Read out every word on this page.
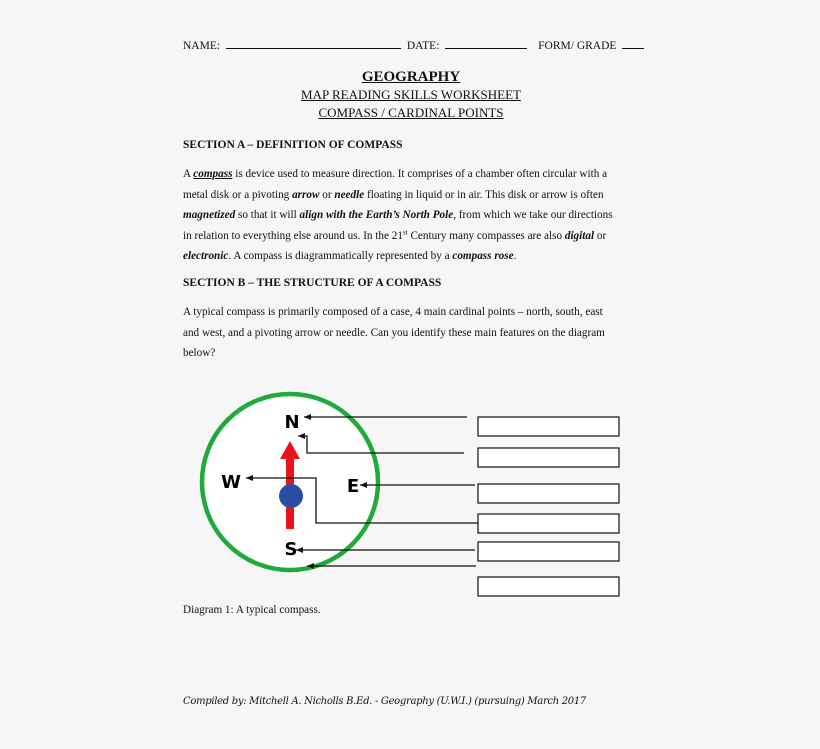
NAME:	DATE:	FORM/ GRADE
GEOGRAPHY
MAP READING SKILLS WORKSHEET
COMPASS / CARDINAL POINTS
SECTION A – DEFINITION OF COMPASS
A compass is device used to measure direction. It comprises of a chamber often circular with a
metal disk or a pivoting arrow or needle floating in liquid or in air. This disk or arrow is often
magnetized so that it will align with the Earth’s North Pole, from which we take our directions
in relation to everything else around us. In the 21st Century many compasses are also digital or
electronic. A compass is diagrammatically represented by a compass rose.
SECTION B – THE STRUCTURE OF A COMPASS
A typical compass is primarily composed of a case, 4 main cardinal points – north, south, east
and west, and a pivoting arrow or needle. Can you identify these main features on the diagram
below?
N
W	E
S
Diagram 1: A typical compass.
Compiled by: Mitchell A. Nicholls B.Ed. - Geography (U.W.I.) (pursuing) March 2017
